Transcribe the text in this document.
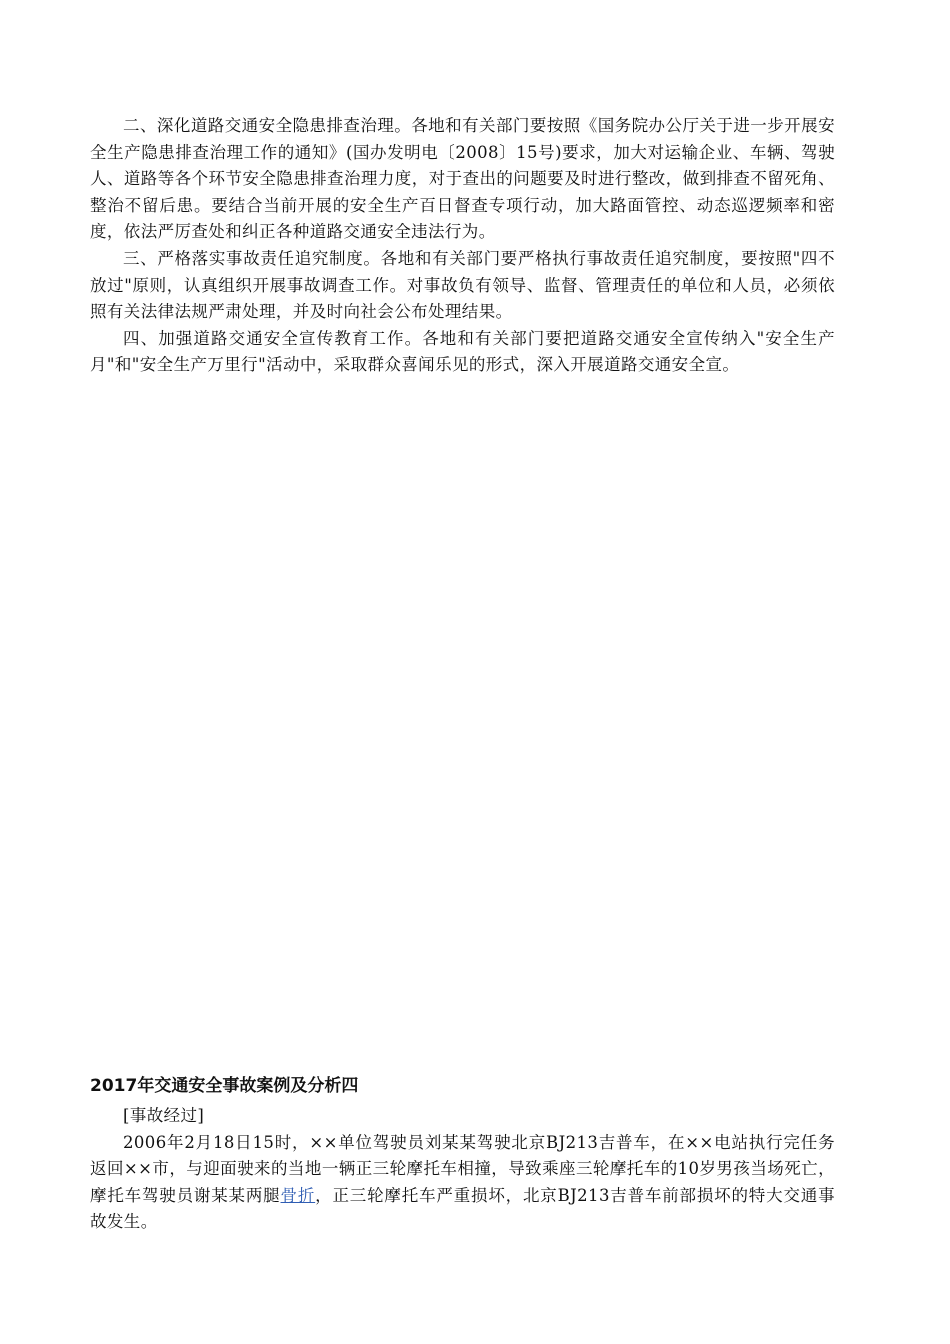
二、深化道路交通安全隐患排查治理。各地和有关部门要按照《国务院办公厅关于进一步开展安全生产隐患排查治理工作的通知》(国办发明电〔2008〕15号)要求，加大对运输企业、车辆、驾驶人、道路等各个环节安全隐患排查治理力度，对于查出的问题要及时进行整改，做到排查不留死角、整治不留后患。要结合当前开展的安全生产百日督查专项行动，加大路面管控、动态巡逻频率和密度，依法严厉查处和纠正各种道路交通安全违法行为。

三、严格落实事故责任追究制度。各地和有关部门要严格执行事故责任追究制度，要按照"四不放过"原则，认真组织开展事故调查工作。对事故负有领导、监督、管理责任的单位和人员，必须依照有关法律法规严肃处理，并及时向社会公布处理结果。

四、加强道路交通安全宣传教育工作。各地和有关部门要把道路交通安全宣传纳入"安全生产月"和"安全生产万里行"活动中，采取群众喜闻乐见的形式，深入开展道路交通安全宣。

2017年交通安全事故案例及分析四

[事故经过]

2006年2月18日15时，××单位驾驶员刘某某驾驶北京BJ213吉普车，在××电站执行完任务返回××市，与迎面驶来的当地一辆正三轮摩托车相撞，导致乘座三轮摩托车的10岁男孩当场死亡，摩托车驾驶员谢某某两腿骨折，正三轮摩托车严重损坏，北京BJ213吉普车前部损坏的特大交通事故发生。
